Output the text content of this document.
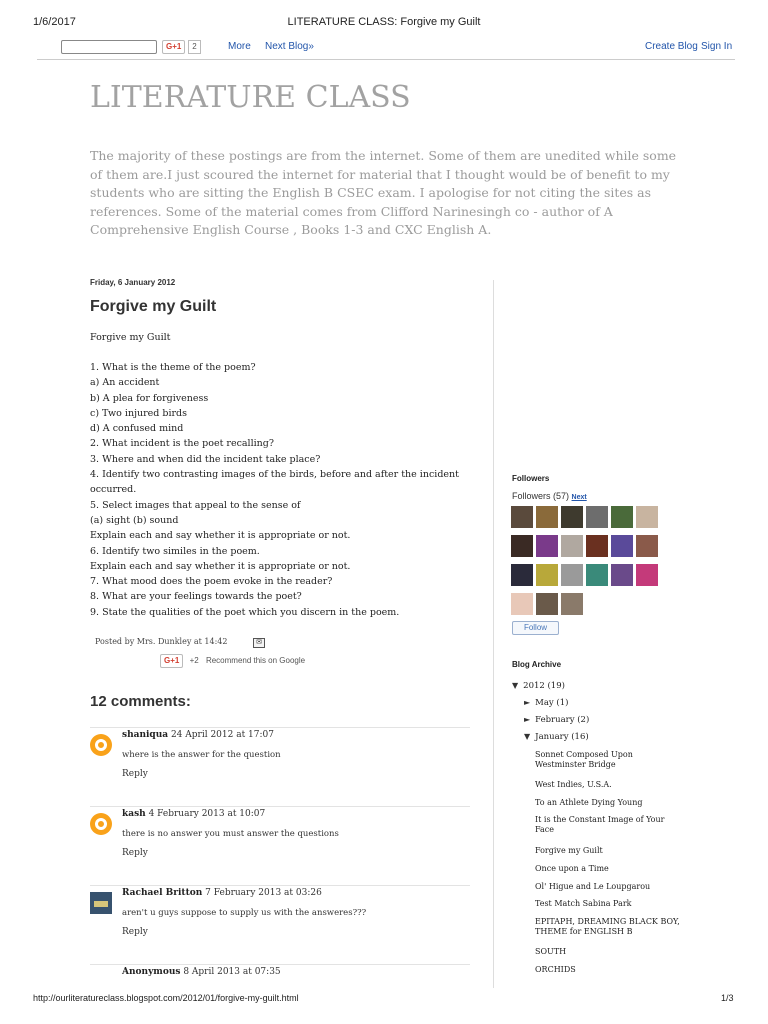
1/6/2017	LITERATURE CLASS: Forgive my Guilt
G+1	2	More Next Blog»	Create Blog Sign In
LITERATURE CLASS

The majority of these postings are from the internet. Some of them are unedited while some of them are.I just scoured the internet for material that I thought would be of benefit to my students who are sitting the English B CSEC exam. I apologise for not citing the sites as references. Some of the material comes from Clifford Narinesingh co - author of A Comprehensive English Course , Books 1-3 and CXC English A.

Friday, 6 January 2012
Forgive my Guilt
Forgive my Guilt
1. What is the theme of the poem?
a) An accident
b) A plea for forgiveness
c) Two injured birds
d) A confused mind
2. What incident is the poet recalling?
3. Where and when did the incident take place?
4. Identify two contrasting images of the birds, before and after the incident
occurred.
5. Select images that appeal to the sense of
(a) sight (b) sound
Explain each and say whether it is appropriate or not.
6. Identify two similes in the poem.
Explain each and say whether it is appropriate or not.
7. What mood does the poem evoke in the reader?
8. What are your feelings towards the poet?
9. State the qualities of the poet which you discern in the poem.
Posted by Mrs. Dunkley at 14:42	✉
G+1 +2 Recommend this on Google
12 comments:
shaniqua 24 April 2012 at 17:07
where is the answer for the question
Reply
kash 4 February 2013 at 10:07
there is no answer you must answer the questions
Reply
Rachael Britton 7 February 2013 at 03:26
aren't u guys suppose to supply us with the answeres???
Reply
Anonymous 8 April 2013 at 07:35
Followers
Followers (57) Next
Follow
Blog Archive
▼ 2012 (19)
► May (1)
► February (2)
▼ January (16)
Sonnet Composed Upon Westminster Bridge
West Indies, U.S.A.
To an Athlete Dying Young
It is the Constant Image of Your Face
Forgive my Guilt
Once upon a Time
Ol' Higue and Le Loupgarou
Test Match Sabina Park
EPITAPH, DREAMING BLACK BOY, THEME for ENGLISH B
SOUTH
ORCHIDS
http://ourliteratureclass.blogspot.com/2012/01/forgive-my-guilt.html	1/3
